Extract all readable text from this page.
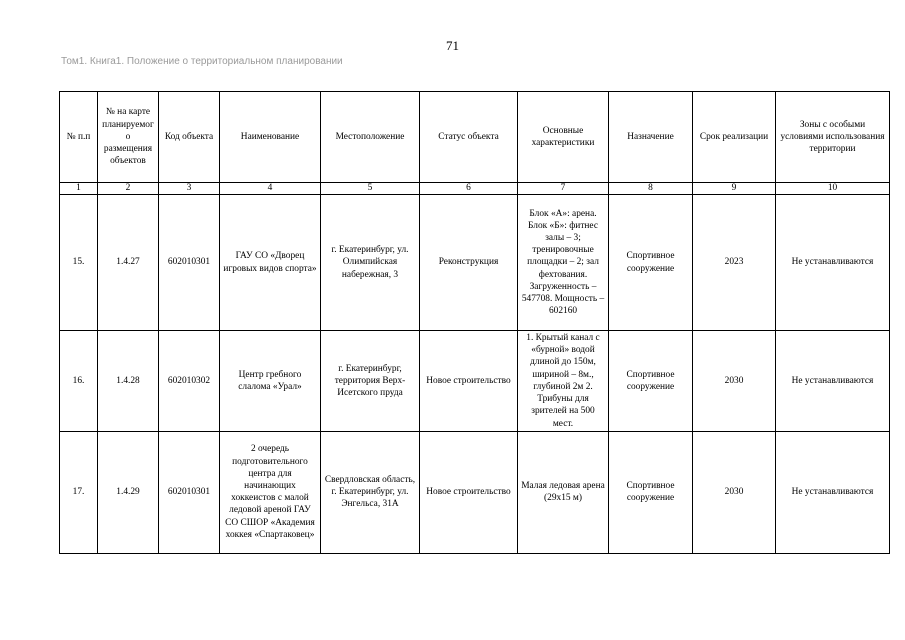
71
Том1. Книга1. Положение о территориальном планировании
№ п.п	№ на карте планируемого размещения объектов	Код объекта	Наименование	Местоположение	Статус объекта	Основные характеристики	Назначение	Срок реализации	Зоны с особыми условиями использования территории
1	2	3	4	5	6	7	8	9	10
15.	1.4.27	602010301	ГАУ СО «Дворец игровых видов спорта»	г. Екатеринбург, ул. Олимпийская набережная, 3	Реконструкция	Блок «А»: арена. Блок «Б»: фитнес залы – 3; тренировочные площадки – 2; зал фехтования. Загруженность – 547708. Мощность – 602160	Спортивное сооружение	2023	Не устанавливаются
16.	1.4.28	602010302	Центр гребного слалома «Урал»	г. Екатеринбург, территория Верх-Исетского пруда	Новое строительство	1. Крытый канал с «бурной» водой длиной до 150м, шириной – 8м., глубиной 2м 2. Трибуны для зрителей на 500 мест.	Спортивное сооружение	2030	Не устанавливаются
17.	1.4.29	602010301	2 очередь подготовительного центра для начинающих хоккеистов с малой ледовой ареной ГАУ СО СШОР «Академия хоккея «Спартаковец»	Свердловская область, г. Екатеринбург, ул. Энгельса, 31А	Новое строительство	Малая ледовая арена (29х15 м)	Спортивное сооружение	2030	Не устанавливаются
